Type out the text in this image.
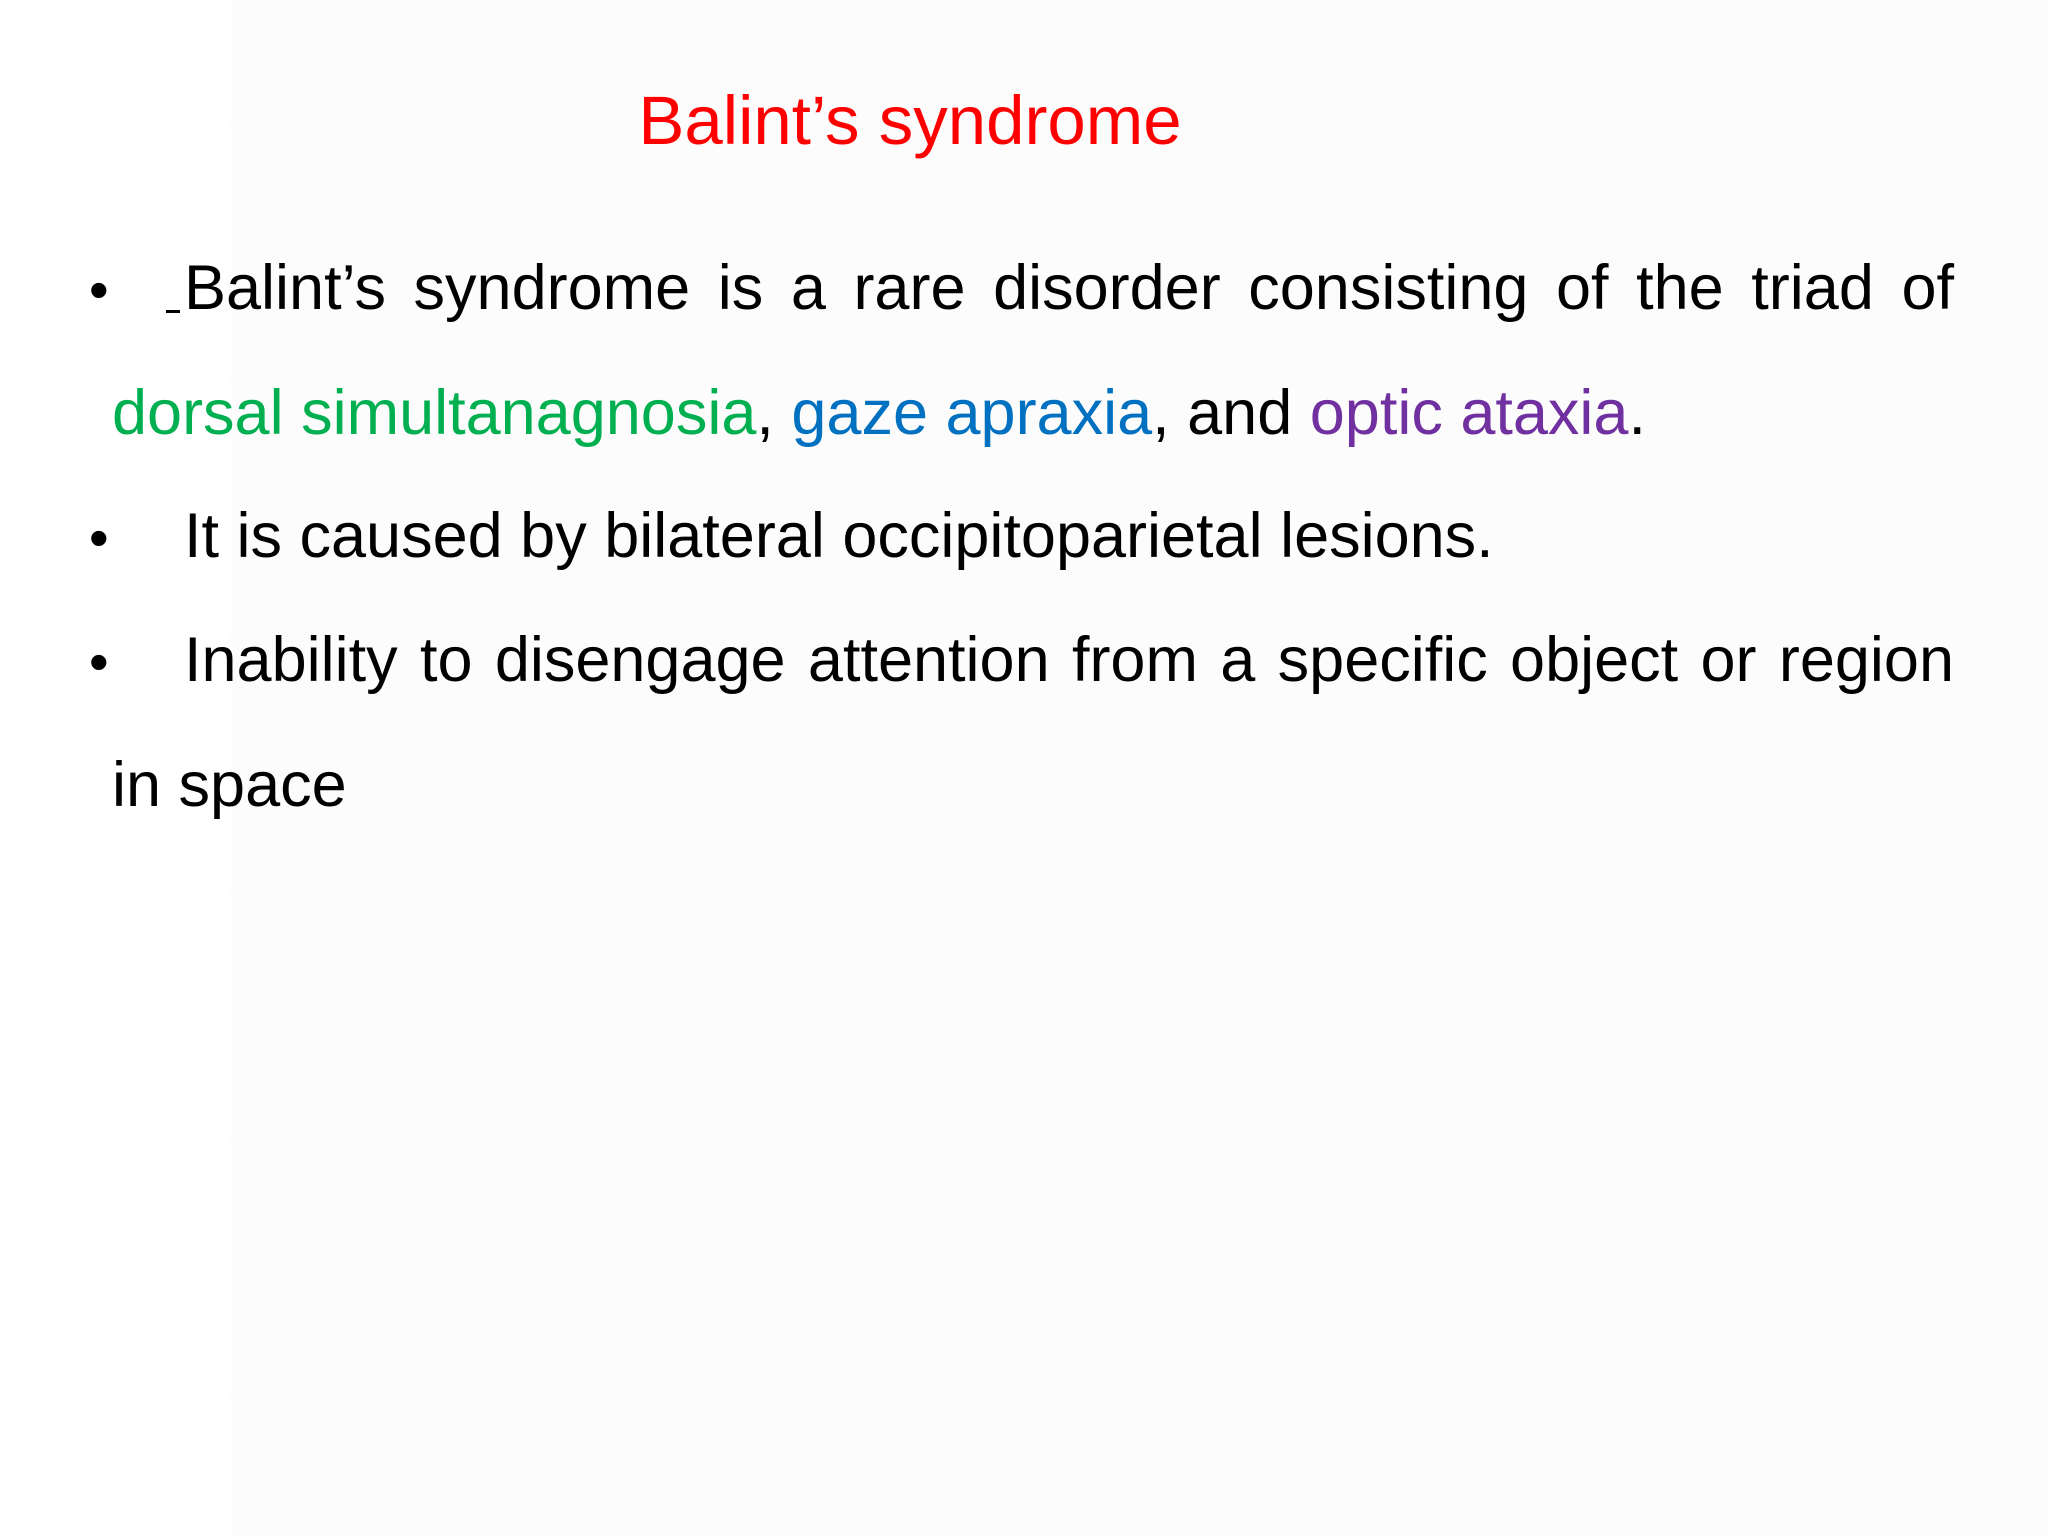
Balint’s syndrome
• Balint’s syndrome is a rare disorder consisting of the triad of
dorsal simultanagnosia, gaze apraxia, and optic ataxia.
• It is caused by bilateral occipitoparietal lesions.
• Inability to disengage attention from a specific object or region
in space
